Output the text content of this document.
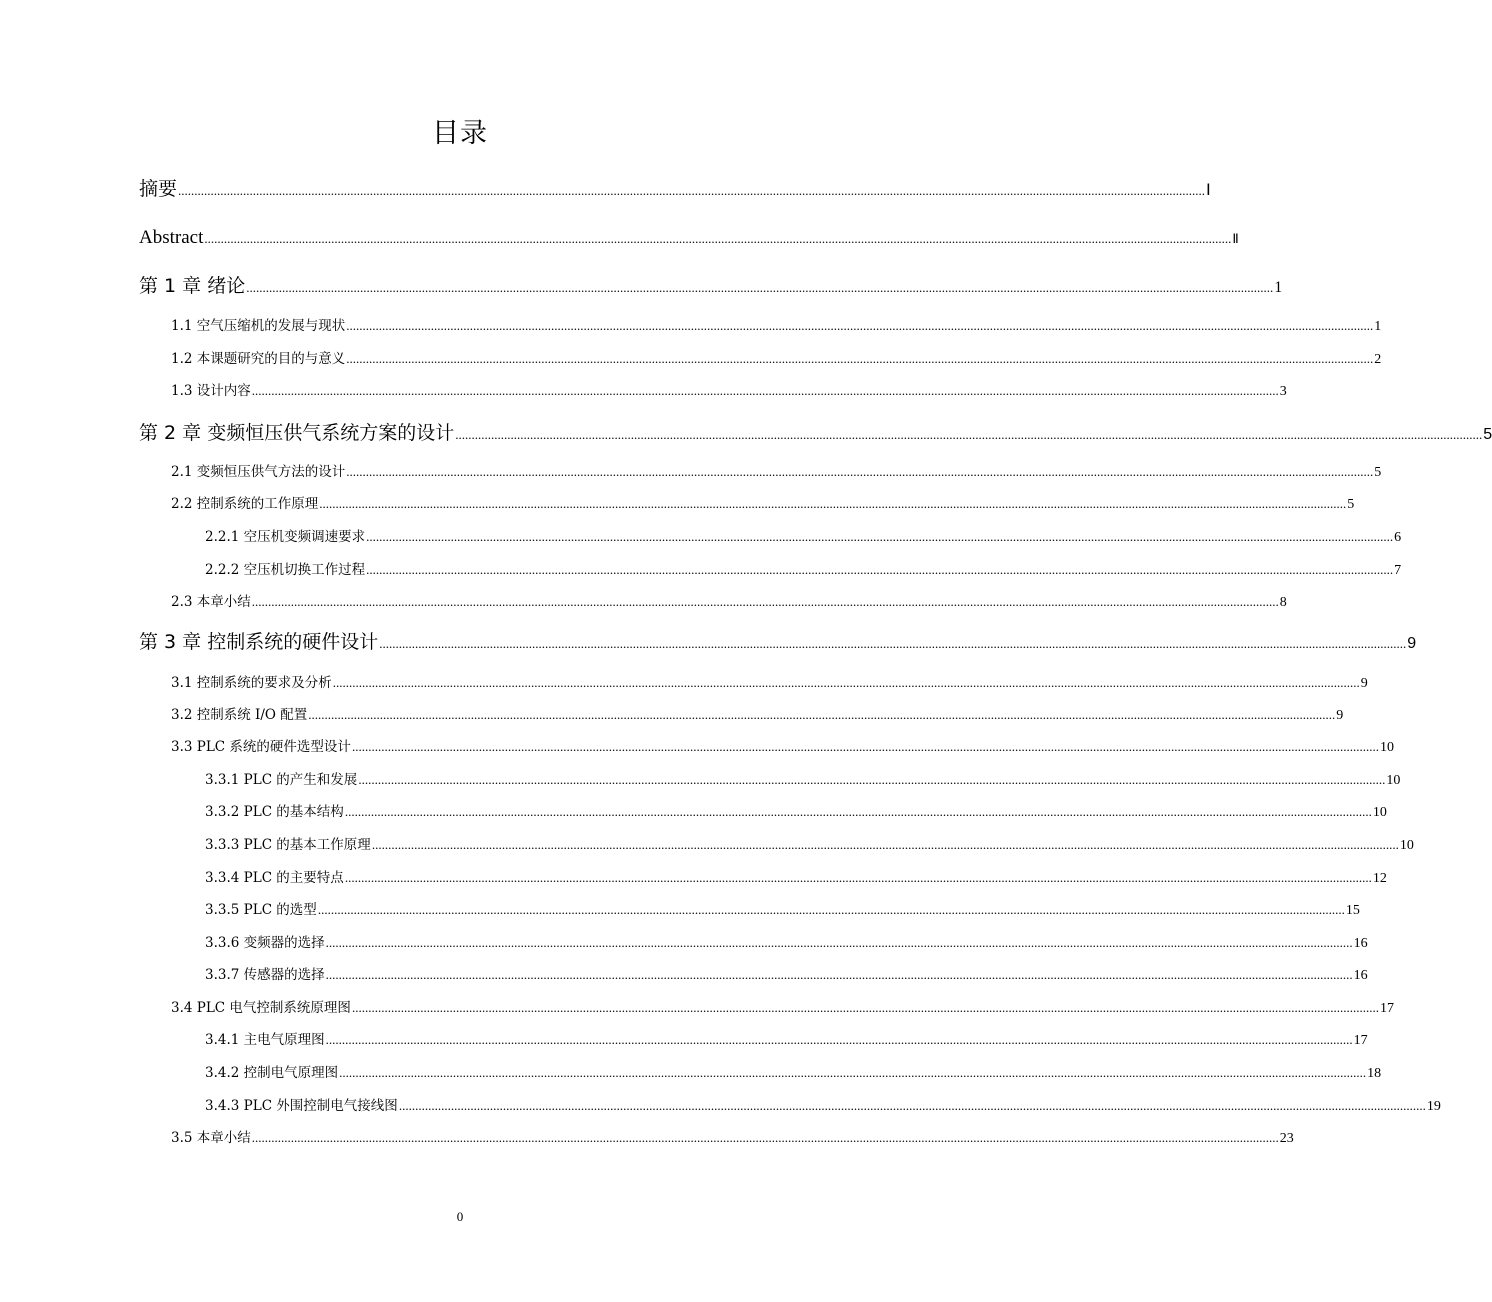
目录
摘要 ............................................................................................................................................................................................................................................................................................................................ Ⅰ
Abstract ............................................................................................................................................................................................................................................................................................................................ Ⅱ
第 1 章 绪论 ............................................................................................................................................................................................................................................................................................................................ 1
1.1 空气压缩机的发展与现状 ............................................................................................................................................................................................................................................................................................................................ 1
1.2 本课题研究的目的与意义 ............................................................................................................................................................................................................................................................................................................................ 2
1.3 设计内容 ............................................................................................................................................................................................................................................................................................................................ 3
第 2 章 变频恒压供气系统方案的设计 ............................................................................................................................................................................................................................................................................................................................ 5
2.1 变频恒压供气方法的设计 ............................................................................................................................................................................................................................................................................................................................ 5
2.2 控制系统的工作原理 ............................................................................................................................................................................................................................................................................................................................ 5
2.2.1 空压机变频调速要求 ............................................................................................................................................................................................................................................................................................................................ 6
2.2.2 空压机切换工作过程 ............................................................................................................................................................................................................................................................................................................................ 7
2.3 本章小结 ............................................................................................................................................................................................................................................................................................................................ 8
第 3 章 控制系统的硬件设计 ............................................................................................................................................................................................................................................................................................................................ 9
3.1 控制系统的要求及分析 ............................................................................................................................................................................................................................................................................................................................ 9
3.2 控制系统 I/O 配置 ............................................................................................................................................................................................................................................................................................................................ 9
3.3 PLC 系统的硬件选型设计 ............................................................................................................................................................................................................................................................................................................................ 10
3.3.1 PLC 的产生和发展 ............................................................................................................................................................................................................................................................................................................................ 10
3.3.2 PLC 的基本结构 ............................................................................................................................................................................................................................................................................................................................ 10
3.3.3 PLC 的基本工作原理 ............................................................................................................................................................................................................................................................................................................................ 10
3.3.4 PLC 的主要特点 ............................................................................................................................................................................................................................................................................................................................ 12
3.3.5 PLC 的选型 ............................................................................................................................................................................................................................................................................................................................ 15
3.3.6 变频器的选择 ............................................................................................................................................................................................................................................................................................................................ 16
3.3.7 传感器的选择 ............................................................................................................................................................................................................................................................................................................................ 16
3.4 PLC 电气控制系统原理图 ............................................................................................................................................................................................................................................................................................................................ 17
3.4.1 主电气原理图 ............................................................................................................................................................................................................................................................................................................................ 17
3.4.2 控制电气原理图 ............................................................................................................................................................................................................................................................................................................................ 18
3.4.3 PLC 外围控制电气接线图 ............................................................................................................................................................................................................................................................................................................................ 19
3.5 本章小结 ............................................................................................................................................................................................................................................................................................................................ 23
0
